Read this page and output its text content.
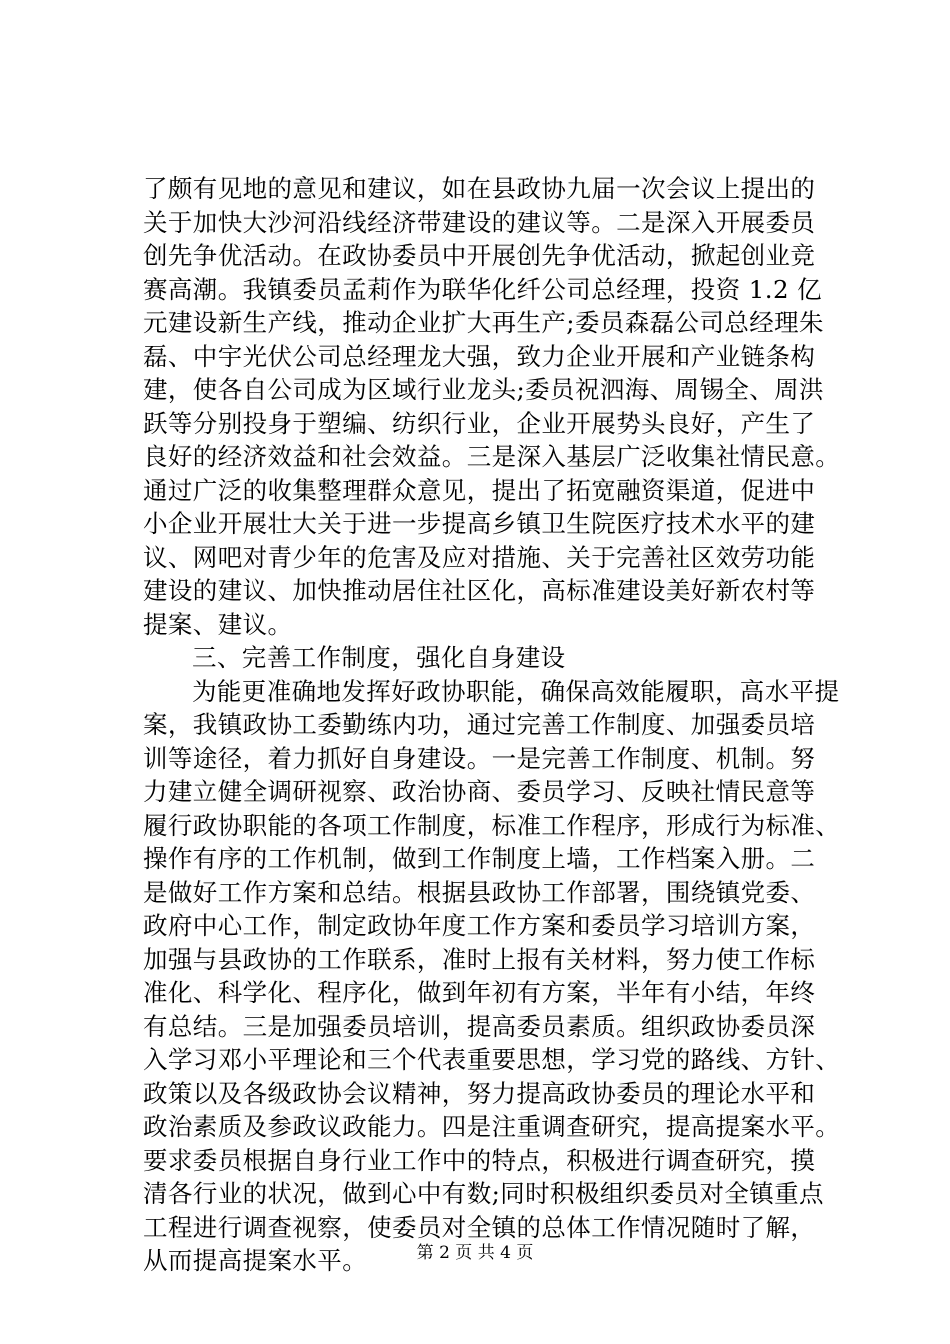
了颇有见地的意见和建议，如在县政协九届一次会议上提出的
关于加快大沙河沿线经济带建设的建议等。二是深入开展委员
创先争优活动。在政协委员中开展创先争优活动，掀起创业竞
赛高潮。我镇委员孟莉作为联华化纤公司总经理，投资 1.2 亿
元建设新生产线，推动企业扩大再生产;委员森磊公司总经理朱
磊、中宇光伏公司总经理龙大强，致力企业开展和产业链条构
建，使各自公司成为区域行业龙头;委员祝泗海、周锡全、周洪
跃等分别投身于塑编、纺织行业，企业开展势头良好，产生了
良好的经济效益和社会效益。三是深入基层广泛收集社情民意。
通过广泛的收集整理群众意见，提出了拓宽融资渠道，促进中
小企业开展壮大关于进一步提高乡镇卫生院医疗技术水平的建
议、网吧对青少年的危害及应对措施、关于完善社区效劳功能
建设的建议、加快推动居住社区化，高标准建设美好新农村等
提案、建议。
三、完善工作制度，强化自身建设
为能更准确地发挥好政协职能，确保高效能履职，高水平提
案，我镇政协工委勤练内功，通过完善工作制度、加强委员培
训等途径，着力抓好自身建设。一是完善工作制度、机制。努
力建立健全调研视察、政治协商、委员学习、反映社情民意等
履行政协职能的各项工作制度，标准工作程序，形成行为标准、
操作有序的工作机制，做到工作制度上墙，工作档案入册。二
是做好工作方案和总结。根据县政协工作部署，围绕镇党委、
政府中心工作，制定政协年度工作方案和委员学习培训方案，
加强与县政协的工作联系，准时上报有关材料，努力使工作标
准化、科学化、程序化，做到年初有方案，半年有小结，年终
有总结。三是加强委员培训，提高委员素质。组织政协委员深
入学习邓小平理论和三个代表重要思想，学习党的路线、方针、
政策以及各级政协会议精神，努力提高政协委员的理论水平和
政治素质及参政议政能力。四是注重调查研究，提高提案水平。
要求委员根据自身行业工作中的特点，积极进行调查研究，摸
清各行业的状况，做到心中有数;同时积极组织委员对全镇重点
工程进行调查视察，使委员对全镇的总体工作情况随时了解，
从而提高提案水平。	第 2 页 共 4 页
